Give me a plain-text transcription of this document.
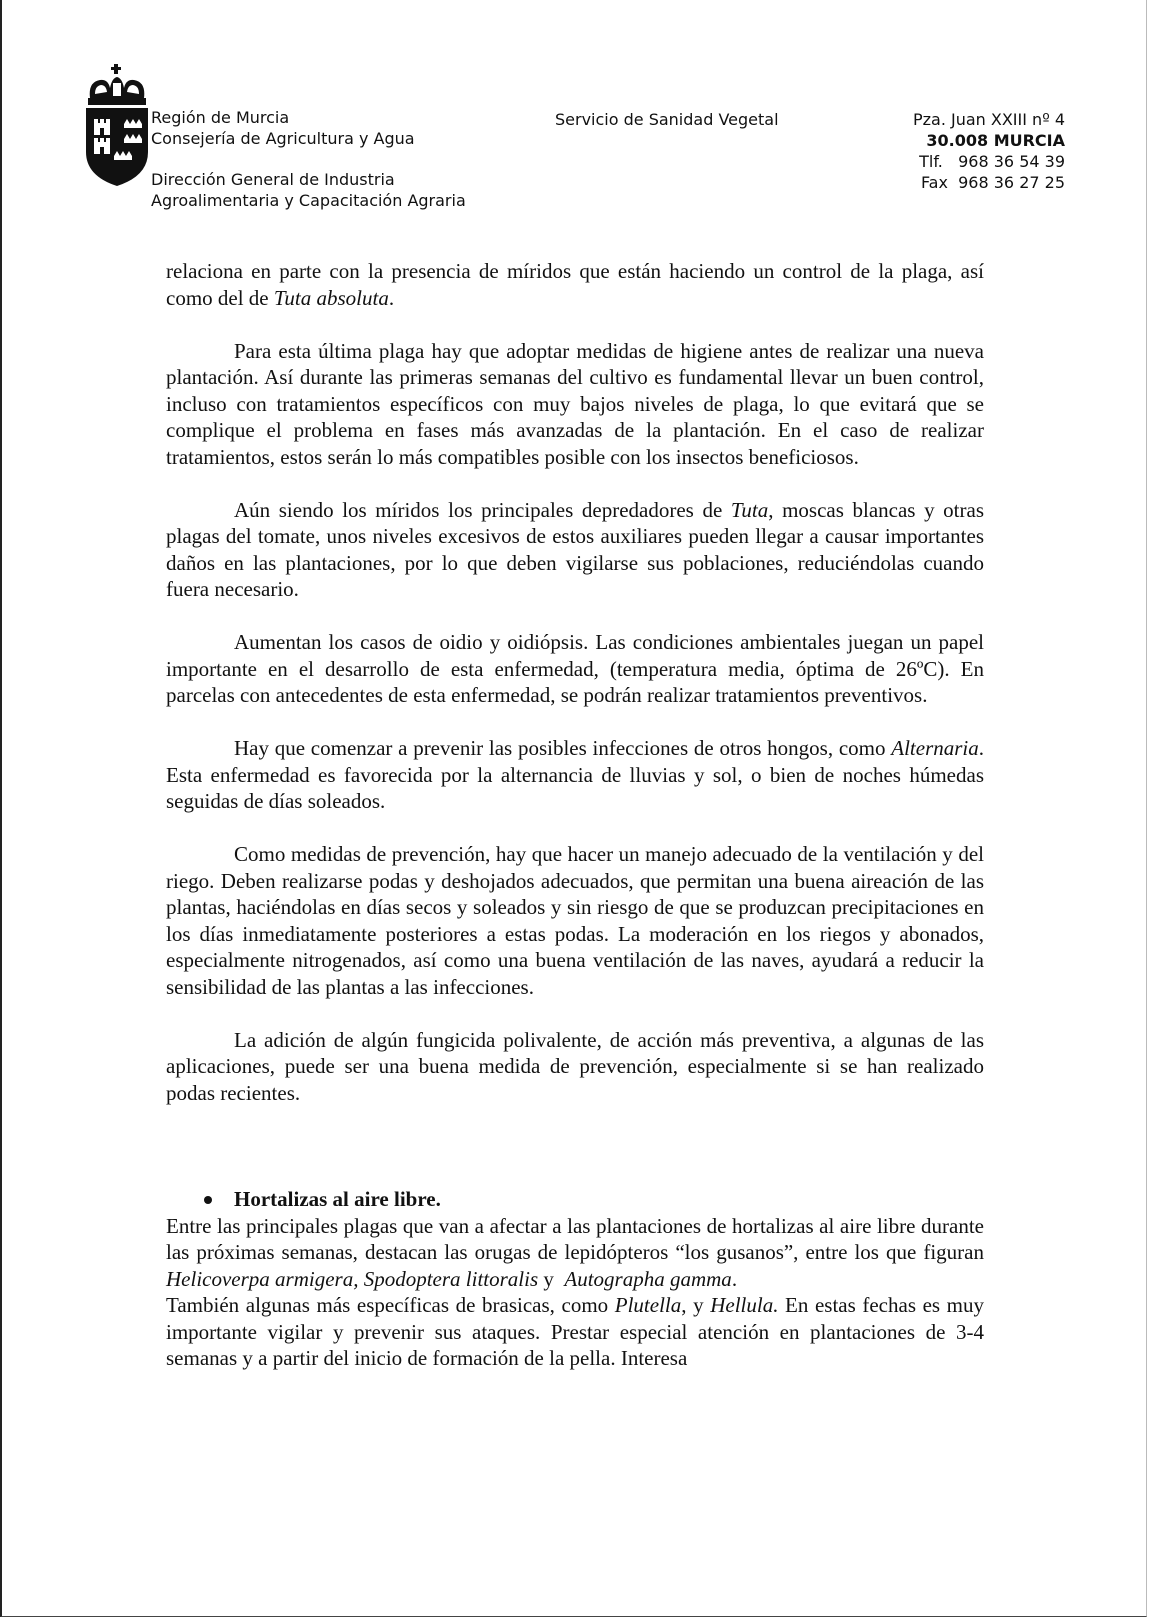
Región de Murcia
Consejería de Agricultura y Agua
Dirección General de Industria
Agroalimentaria y Capacitación Agraria
Servicio de Sanidad Vegetal	Pza. Juan XXIII nº 4
30.008 MURCIA
Tlf.   968 36 54 39
Fax  968 36 27 25

relaciona en parte con la presencia de míridos que están haciendo un control de la plaga, así como del de Tuta absoluta.

Para esta última plaga hay que adoptar medidas de higiene antes de realizar una nueva plantación. Así durante las primeras semanas del cultivo es fundamental llevar un buen control, incluso con tratamientos específicos con muy bajos niveles de plaga, lo que evitará que se complique el problema en fases más avanzadas de la plantación. En el caso de realizar tratamientos, estos serán lo más compatibles posible con los insectos beneficiosos.

Aún siendo los míridos los principales depredadores de Tuta, moscas blancas y otras plagas del tomate, unos niveles excesivos de estos auxiliares pueden llegar a causar importantes daños en las plantaciones, por lo que deben vigilarse sus poblaciones, reduciéndolas cuando fuera necesario.

Aumentan los casos de oidio y oidiópsis. Las condiciones ambientales juegan un papel importante en el desarrollo de esta enfermedad, (temperatura media, óptima de 26ºC). En parcelas con antecedentes de esta enfermedad, se podrán realizar tratamientos preventivos.

Hay que comenzar a prevenir las posibles infecciones de otros hongos, como Alternaria. Esta enfermedad es favorecida por la alternancia de lluvias y sol, o bien de noches húmedas seguidas de días soleados.

Como medidas de prevención, hay que hacer un manejo adecuado de la ventilación y del riego. Deben realizarse podas y deshojados adecuados, que permitan una buena aireación de las plantas, haciéndolas en días secos y soleados y sin riesgo de que se produzcan precipitaciones en los días inmediatamente posteriores a estas podas. La moderación en los riegos y abonados, especialmente nitrogenados, así como una buena ventilación de las naves, ayudará a reducir la sensibilidad de las plantas a las infecciones.

La adición de algún fungicida polivalente, de acción más preventiva, a algunas de las aplicaciones, puede ser una buena medida de prevención, especialmente si se han realizado podas recientes.

Hortalizas al aire libre.

Entre las principales plagas que van a afectar a las plantaciones de hortalizas al aire libre durante las próximas semanas, destacan las orugas de lepidópteros “los gusanos”, entre los que figuran Helicoverpa armigera, Spodoptera littoralis y  Autographa gamma.

También algunas más específicas de brasicas, como Plutella, y Hellula. En estas fechas es muy importante vigilar y prevenir sus ataques. Prestar especial atención en plantaciones de 3-4 semanas y a partir del inicio de formación de la pella. Interesa
